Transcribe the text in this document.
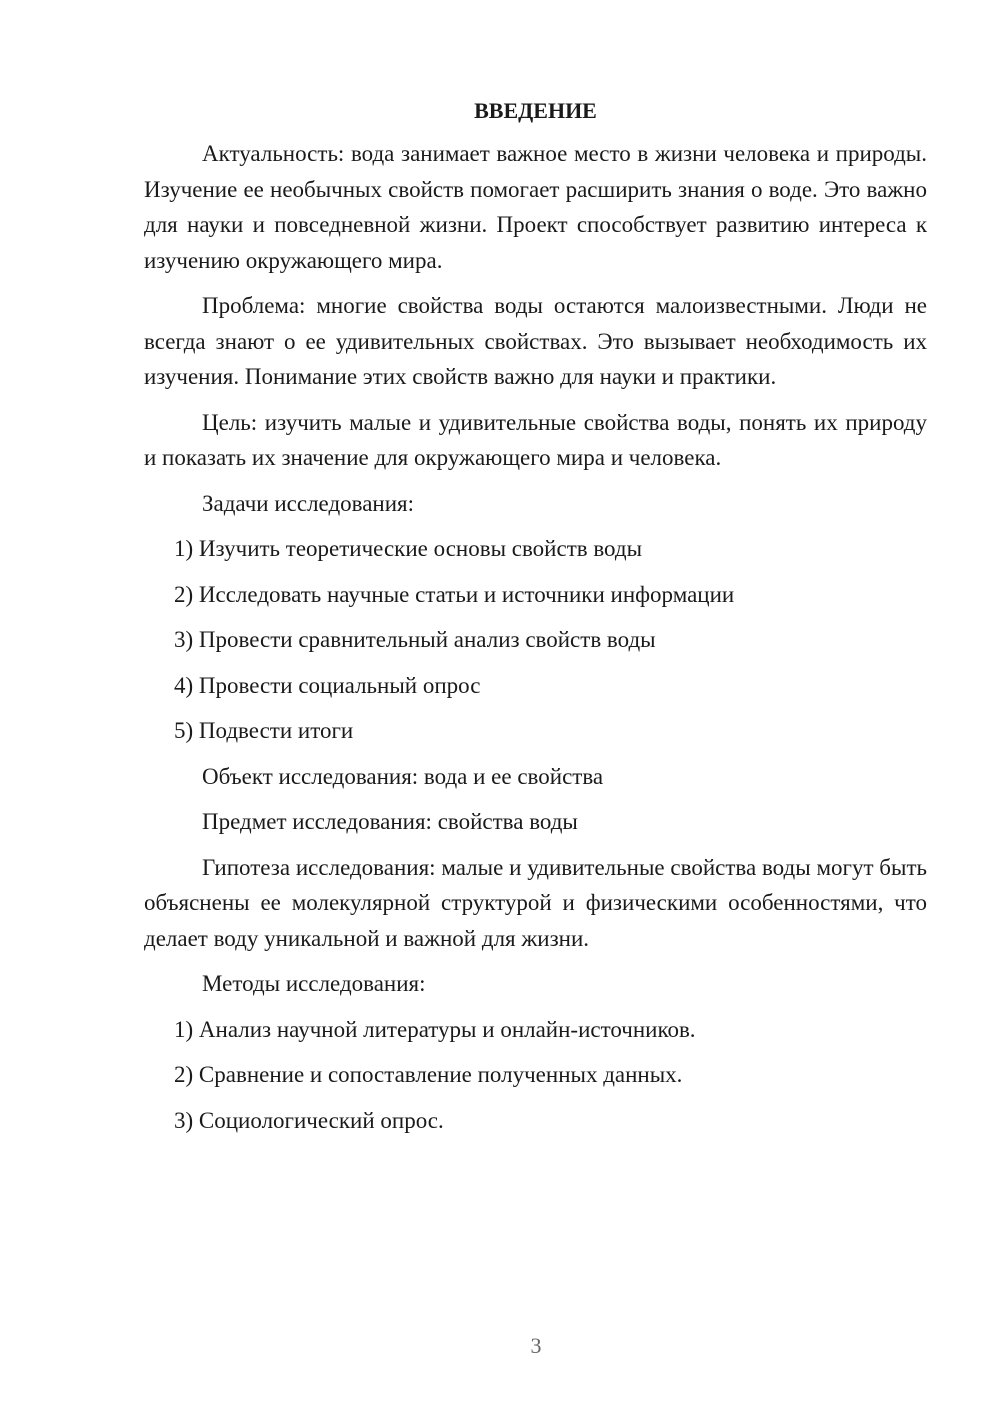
ВВЕДЕНИЕ
Актуальность: вода занимает важное место в жизни человека и природы. Изучение ее необычных свойств помогает расширить знания о воде. Это важно для науки и повседневной жизни. Проект способствует развитию интереса к изучению окружающего мира.
Проблема: многие свойства воды остаются малоизвестными. Люди не всегда знают о ее удивительных свойствах. Это вызывает необходимость их изучения. Понимание этих свойств важно для науки и практики.
Цель: изучить малые и удивительные свойства воды, понять их природу и показать их значение для окружающего мира и человека.
Задачи исследования:
1) Изучить теоретические основы свойств воды
2) Исследовать научные статьи и источники информации
3) Провести сравнительный анализ свойств воды
4) Провести социальный опрос
5) Подвести итоги
Объект исследования: вода и ее свойства
Предмет исследования: свойства воды
Гипотеза исследования: малые и удивительные свойства воды могут быть объяснены ее молекулярной структурой и физическими особенностями, что делает воду уникальной и важной для жизни.
Методы исследования:
1) Анализ научной литературы и онлайн-источников.
2) Сравнение и сопоставление полученных данных.
3) Социологический опрос.
3
